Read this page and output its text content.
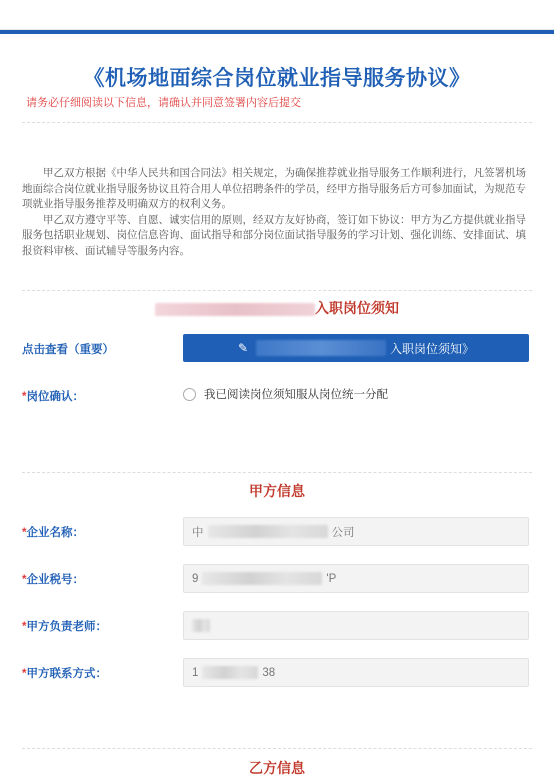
《机场地面综合岗位就业指导服务协议》
请务必仔细阅读以下信息，请确认并同意签署内容后提交

甲乙双方根据《中华人民共和国合同法》相关规定，为确保推荐就业指导服务工作顺利进行，凡签署机场地面综合岗位就业指导服务协议且符合用人单位招聘条件的学员，经甲方指导服务后方可参加面试，为规范专项就业指导服务推荐及明确双方的权利义务。

甲乙双方遵守平等、自愿、诚实信用的原则，经双方友好协商，签订如下协议：甲方为乙方提供就业指导服务包括职业规划、岗位信息咨询、面试指导和部分岗位面试指导服务的学习计划、强化训练、安排面试、填报资料审核、面试辅导等服务内容。

入职岗位须知
点击查看（重要）	✎	入职岗位须知》
*岗位确认：	我已阅读岗位须知服从岗位统一分配
甲方信息
*企业名称：	中	公司
*企业税号：	9	'P
*甲方负责老师：
*甲方联系方式：	1	38
乙方信息
